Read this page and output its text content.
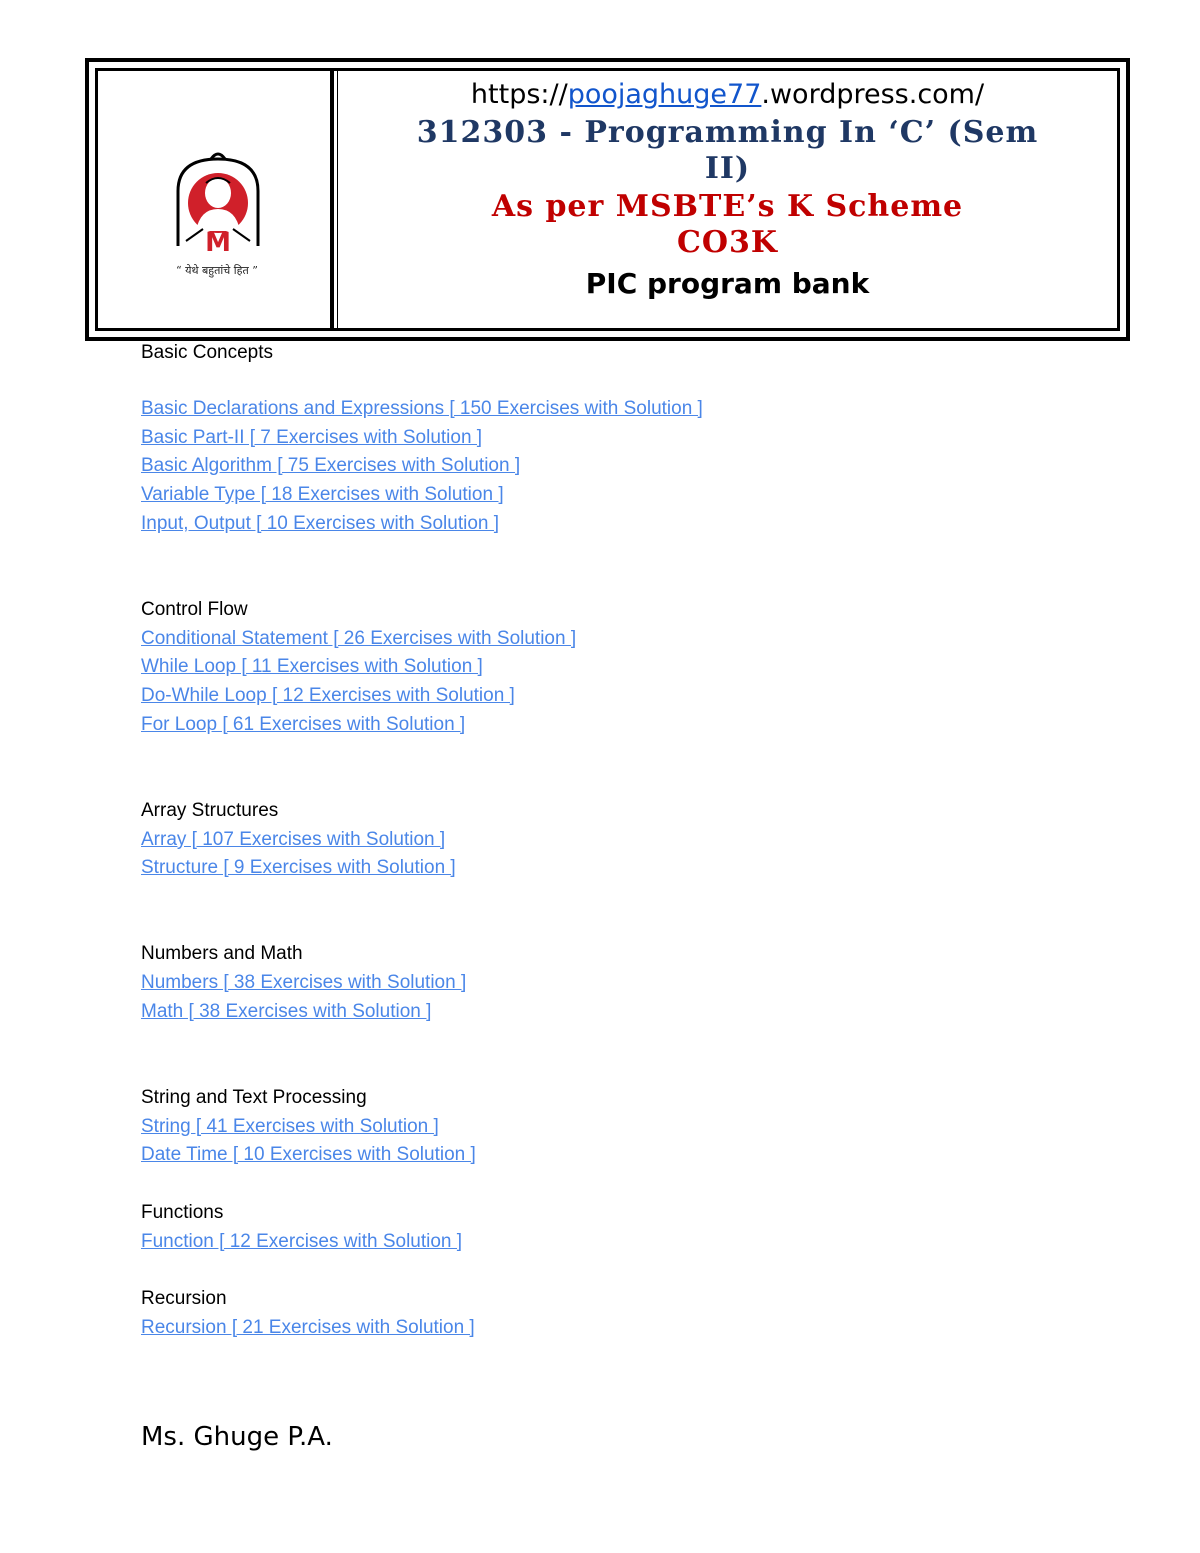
M
“ येथे बहुतांचे हित ”
https://poojaghuge77.wordpress.com/
312303 - Programming In ‘C’ (Sem
II)
As per MSBTE’s K Scheme
CO3K
PIC program bank
Basic Concepts
Basic Declarations and Expressions [ 150 Exercises with Solution ]
Basic Part-II [ 7 Exercises with Solution ]
Basic Algorithm [ 75 Exercises with Solution ]
Variable Type [ 18 Exercises with Solution ]
Input, Output [ 10 Exercises with Solution ]
Control Flow
Conditional Statement [ 26 Exercises with Solution ]
While Loop [ 11 Exercises with Solution ]
Do-While Loop [ 12 Exercises with Solution ]
For Loop [ 61 Exercises with Solution ]
Array Structures
Array [ 107 Exercises with Solution ]
Structure [ 9 Exercises with Solution ]
Numbers and Math
Numbers [ 38 Exercises with Solution ]
Math [ 38 Exercises with Solution ]
String and Text Processing
String [ 41 Exercises with Solution ]
Date Time [ 10 Exercises with Solution ]
Functions
Function [ 12 Exercises with Solution ]
Recursion
Recursion [ 21 Exercises with Solution ]
Ms. Ghuge P.A.
